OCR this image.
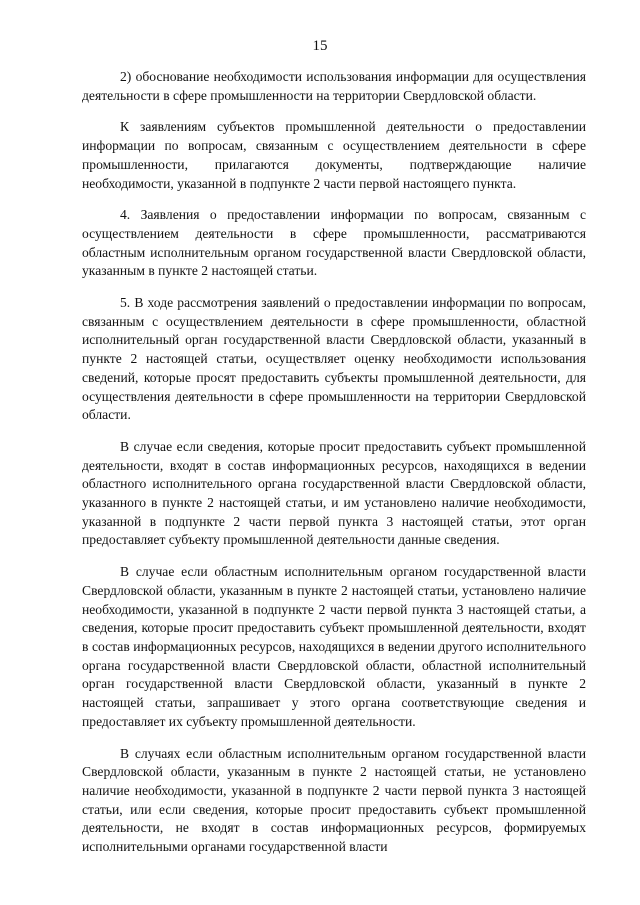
15

2) обоснование необходимости использования информации для осуществления деятельности в сфере промышленности на территории Свердловской области.

К заявлениям субъектов промышленной деятельности о предоставлении информации по вопросам, связанным с осуществлением деятельности в сфере промышленности, прилагаются документы, подтверждающие наличие необходимости, указанной в подпункте 2 части первой настоящего пункта.

4. Заявления о предоставлении информации по вопросам, связанным с осуществлением деятельности в сфере промышленности, рассматриваются областным исполнительным органом государственной власти Свердловской области, указанным в пункте 2 настоящей статьи.

5. В ходе рассмотрения заявлений о предоставлении информации по вопросам, связанным с осуществлением деятельности в сфере промышленности, областной исполнительный орган государственной власти Свердловской области, указанный в пункте 2 настоящей статьи, осуществляет оценку необходимости использования сведений, которые просят предоставить субъекты промышленной деятельности, для осуществления деятельности в сфере промышленности на территории Свердловской области.

В случае если сведения, которые просит предоставить субъект промышленной деятельности, входят в состав информационных ресурсов, находящихся в ведении областного исполнительного органа государственной власти Свердловской области, указанного в пункте 2 настоящей статьи, и им установлено наличие необходимости, указанной в подпункте 2 части первой пункта 3 настоящей статьи, этот орган предоставляет субъекту промышленной деятельности данные сведения.

В случае если областным исполнительным органом государственной власти Свердловской области, указанным в пункте 2 настоящей статьи, установлено наличие необходимости, указанной в подпункте 2 части первой пункта 3 настоящей статьи, а сведения, которые просит предоставить субъект промышленной деятельности, входят в состав информационных ресурсов, находящихся в ведении другого исполнительного органа государственной власти Свердловской области, областной исполнительный орган государственной власти Свердловской области, указанный в пункте 2 настоящей статьи, запрашивает у этого органа соответствующие сведения и предоставляет их субъекту промышленной деятельности.

В случаях если областным исполнительным органом государственной власти Свердловской области, указанным в пункте 2 настоящей статьи, не установлено наличие необходимости, указанной в подпункте 2 части первой пункта 3 настоящей статьи, или если сведения, которые просит предоставить субъект промышленной деятельности, не входят в состав информационных ресурсов, формируемых исполнительными органами государственной власти
